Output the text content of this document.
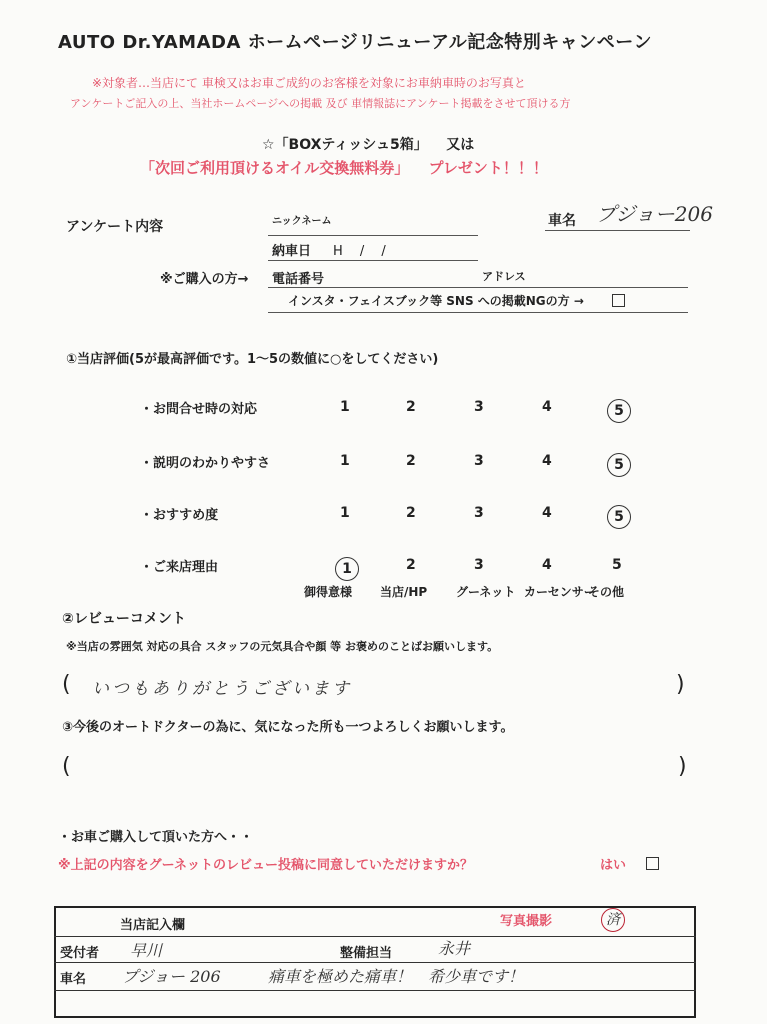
AUTO Dr.YAMADA ホームページリニューアル記念特別キャンペーン
※対象者…当店にて 車検又はお車ご成約のお客様を対象にお車納車時のお写真と
アンケートご記入の上、当社ホームページへの掲載 及び 車情報誌にアンケート掲載をさせて頂ける方
☆「BOXティッシュ5箱」 又は
「次回ご利用頂けるオイル交換無料券」 プレゼント！！！
アンケート内容	ニックネーム	車名 プジョー206
納車日 H　 /　 /
※ご購入の方→ 電話番号	アドレス
インスタ・フェイスブック等 SNS への掲載NGの方 →
①当店評価(5が最高評価です。1～5の数値に○をしてください)
・お問合せ時の対応	1	2	3	4	5
・説明のわかりやすさ	1	2	3	4	5
・おすすめ度	1	2	3	4	5
・ご来店理由	1	2	3	4	5
御得意様 当店/HP グーネット カーセンサー
その他
②レビューコメント
※当店の雰囲気 対応の具合 スタッフの元気具合や顔 等 お褒めのことばお願いします。
( いつもありがとうございます	)
③今後のオートドクターの為に、気になった所も一つよろしくお願いします。
(	)
・お車ご購入して頂いた方へ・・
※上記の内容をグーネットのレビュー投稿に同意していただけますか？	はい
当店記入欄	写真撮影	済
受付者 早川	整備担当	永井
車名 プジョー 206	痛車を極めた痛車！　希少車です！
